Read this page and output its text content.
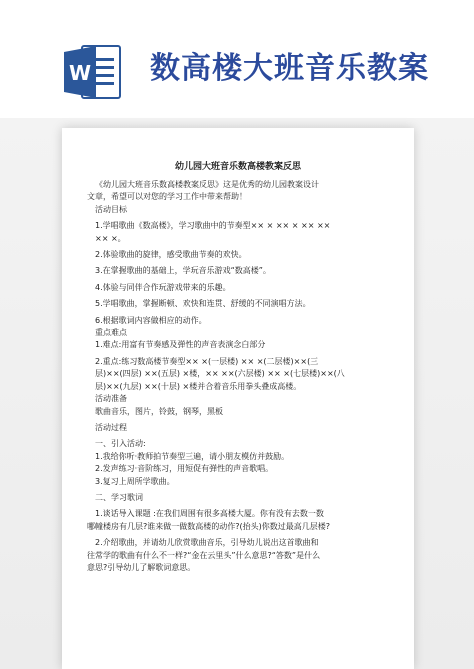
W 数高楼大班音乐教案
幼儿园大班音乐数高楼教案反思

《幼儿园大班音乐数高楼教案反思》这是优秀的幼儿园教案设计

文章，希望可以对您的学习工作中带来帮助！

活动目标

1.学唱歌曲《数高楼》，学习歌曲中的节奏型×× × ×× × ×× ××

×× ×。

2.体验歌曲的旋律，感受歌曲节奏的欢快。

3.在掌握歌曲的基础上，学玩音乐游戏“数高楼”。

4.体验与同伴合作玩游戏带来的乐趣。

5.学唱歌曲，掌握断顿、欢快和连贯、舒缓的不同演唱方法。

6.根据歌词内容做相应的动作。

重点难点

1.难点:用富有节奏感及弹性的声音表演念白部分

2.重点:练习数高楼节奏型×× ×(一层楼) ×× ×(二层楼)××(三

层)××(四层) ××(五层) ×楼，×× ××(六层楼) ×× ×(七层楼)××(八

层)××(九层) ××(十层) ×楼并合着音乐用拳头叠成高楼。

活动准备

歌曲音乐，图片，铃鼓，钢琴，黑板

活动过程

一、引入活动:

1.我给你听·教师拍节奏型三遍，请小朋友模仿并鼓励。

2.发声练习·音阶练习，用短促有弹性的声音歌唱。

3.复习上周所学歌曲。

二、学习歌词

1.谈话导入课题 :在我们周围有很多高楼大厦。你有没有去数一数

哪幢楼房有几层?谁来做一做数高楼的动作?(抬头)你数过最高几层楼?

2.介绍歌曲，并请幼儿欣赏歌曲音乐，引导幼儿说出这首歌曲和

往常学的歌曲有什么不一样?“金在云里头”什么意思?“答数”是什么

意思?引导幼儿了解歌词意思。
